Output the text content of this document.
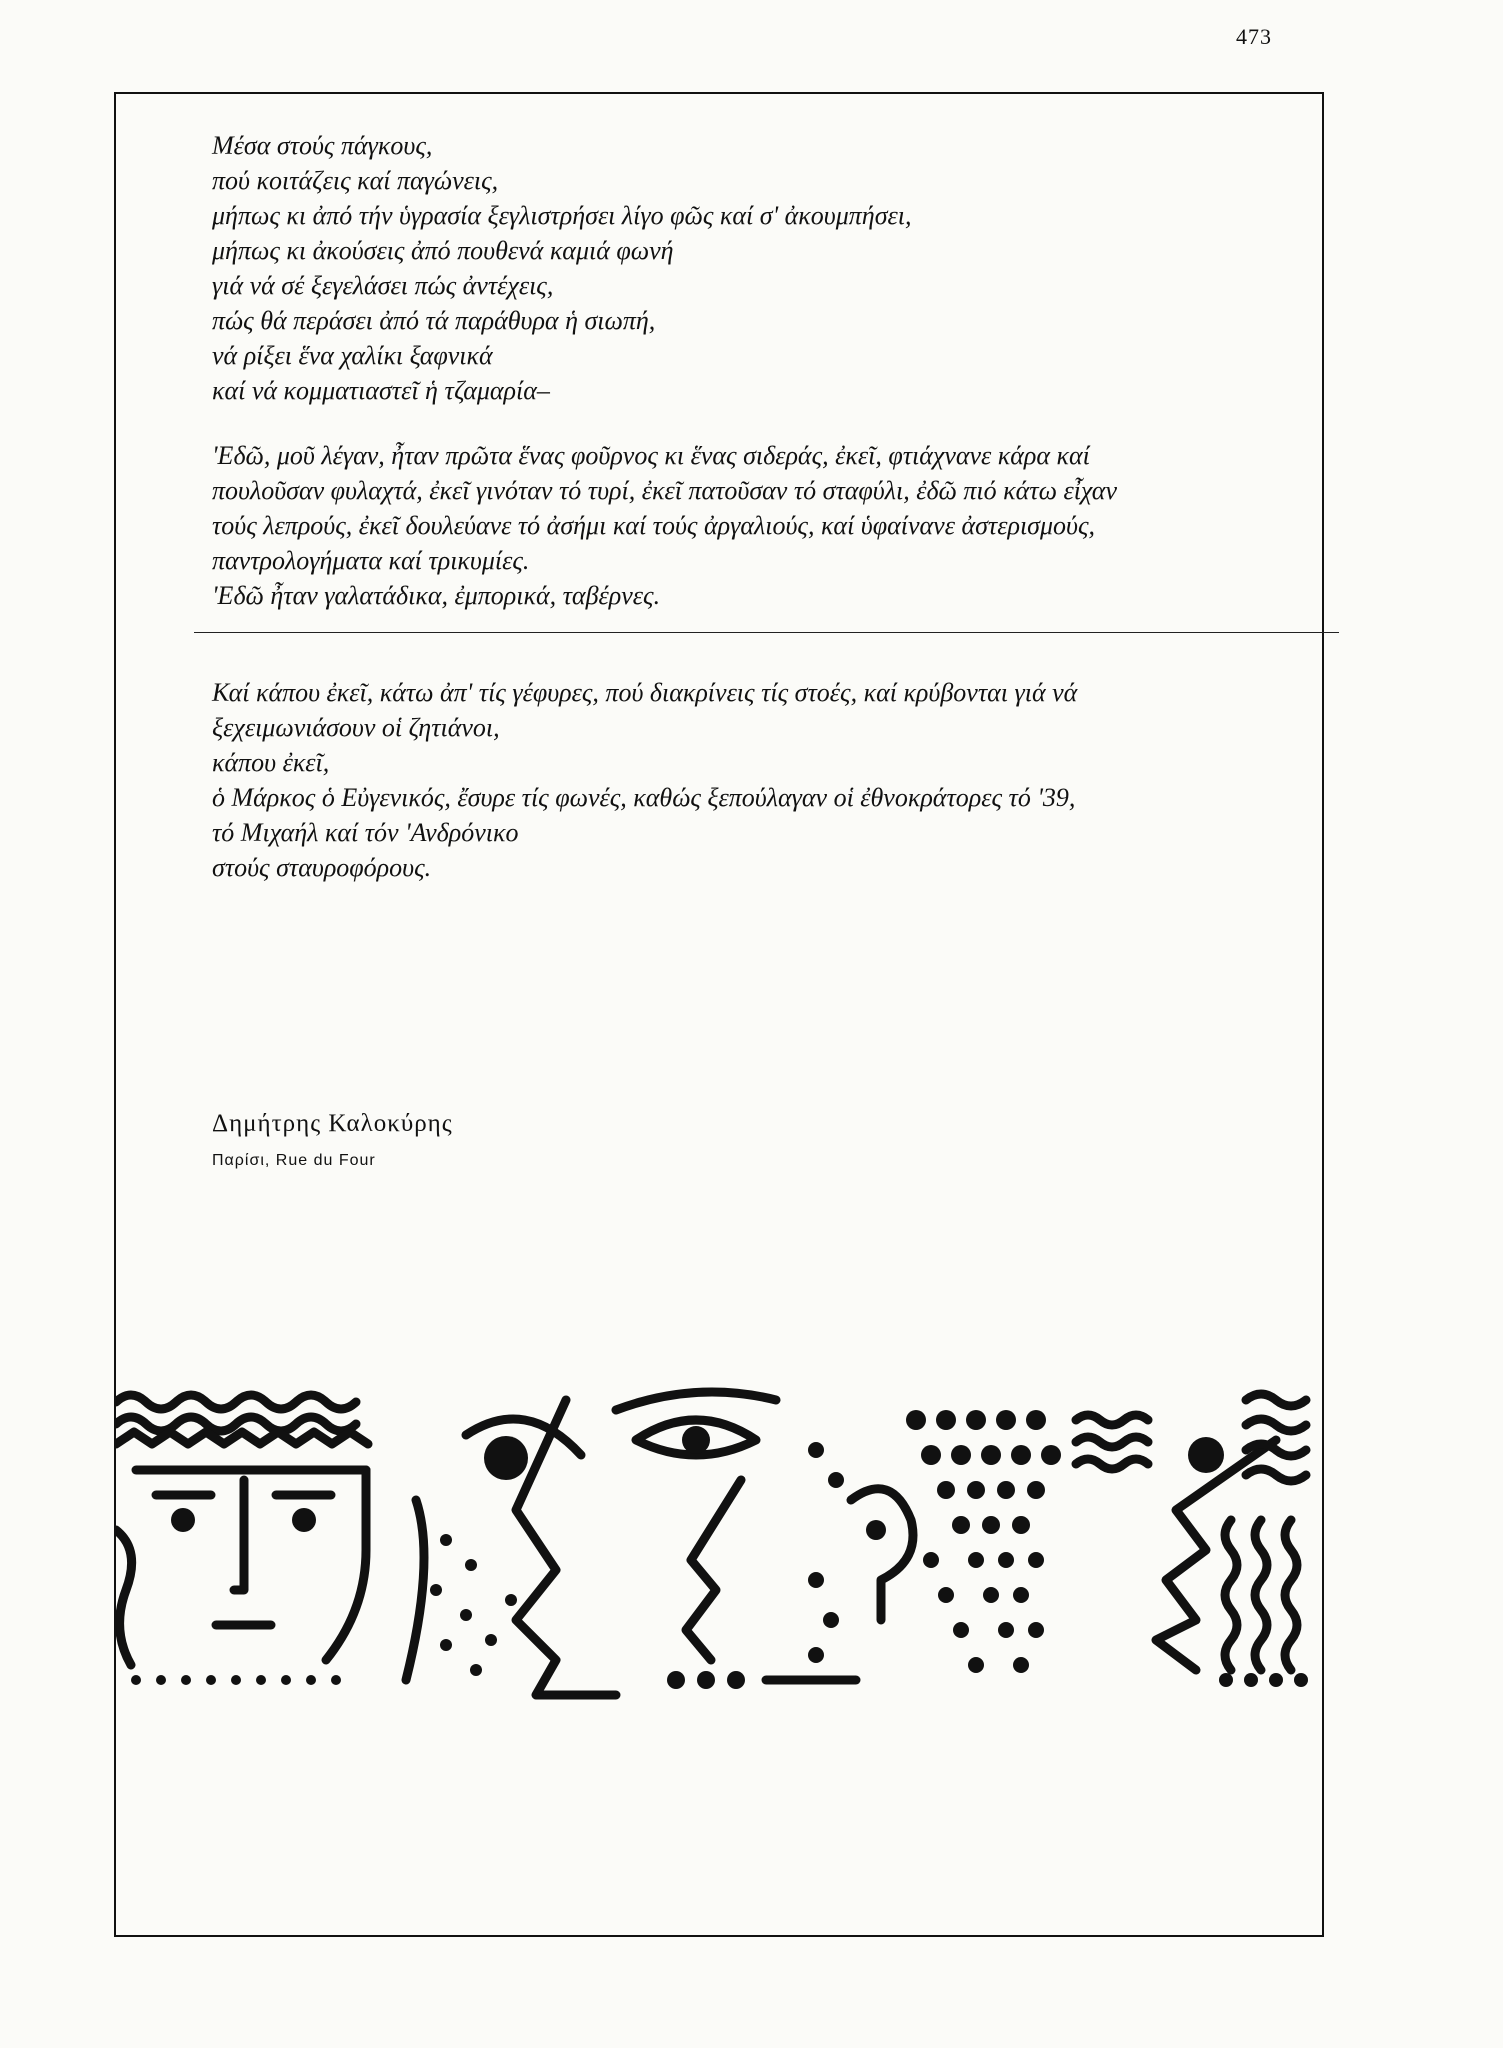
473
Μέσα στούς πάγκους,
πού κοιτάζεις καί παγώνεις,
μήπως κι ἀπό τήν ὑγρασία ξεγλιστρήσει λίγο φῶς καί σ' ἀκουμπήσει,
μήπως κι ἀκούσεις ἀπό πουθενά καμιά φωνή
γιά νά σέ ξεγελάσει πώς ἀντέχεις,
πώς θά περάσει ἀπό τά παράθυρα ἡ σιωπή,
νά ρίξει ἕνα χαλίκι ξαφνικά
καί νά κομματιαστεῖ ἡ τζαμαρία–
'Εδῶ, μοῦ λέγαν, ἦταν πρῶτα ἕνας φοῦρνος κι ἕνας σιδεράς, ἐκεῖ, φτιάχνανε κάρα καί
πουλοῦσαν φυλαχτά, ἐκεῖ γινόταν τό τυρί, ἐκεῖ πατοῦσαν τό σταφύλι, ἐδῶ πιό κάτω εἶχαν
τούς λεπρούς, ἐκεῖ δουλεύανε τό ἀσήμι καί τούς ἀργαλιούς, καί ὑφαίνανε ἀστερισμούς,
παντρολογήματα καί τρικυμίες.
'Εδῶ ἦταν γαλατάδικα, ἐμπορικά, ταβέρνες.
Καί κάπου ἐκεῖ, κάτω ἀπ' τίς γέφυρες, πού διακρίνεις τίς στοές, καί κρύβονται γιά νά
ξεχειμωνιάσουν οἱ ζητιάνοι,
κάπου ἐκεῖ,
ὁ Μάρκος ὁ Εὐγενικός, ἔσυρε τίς φωνές, καθώς ξεπούλαγαν οἱ ἐθνοκράτορες τό '39,
τό Μιχαήλ καί τόν 'Ανδρόνικο
στούς σταυροφόρους.
Δημήτρης Καλοκύρης
Παρίσι, Rue du Four
